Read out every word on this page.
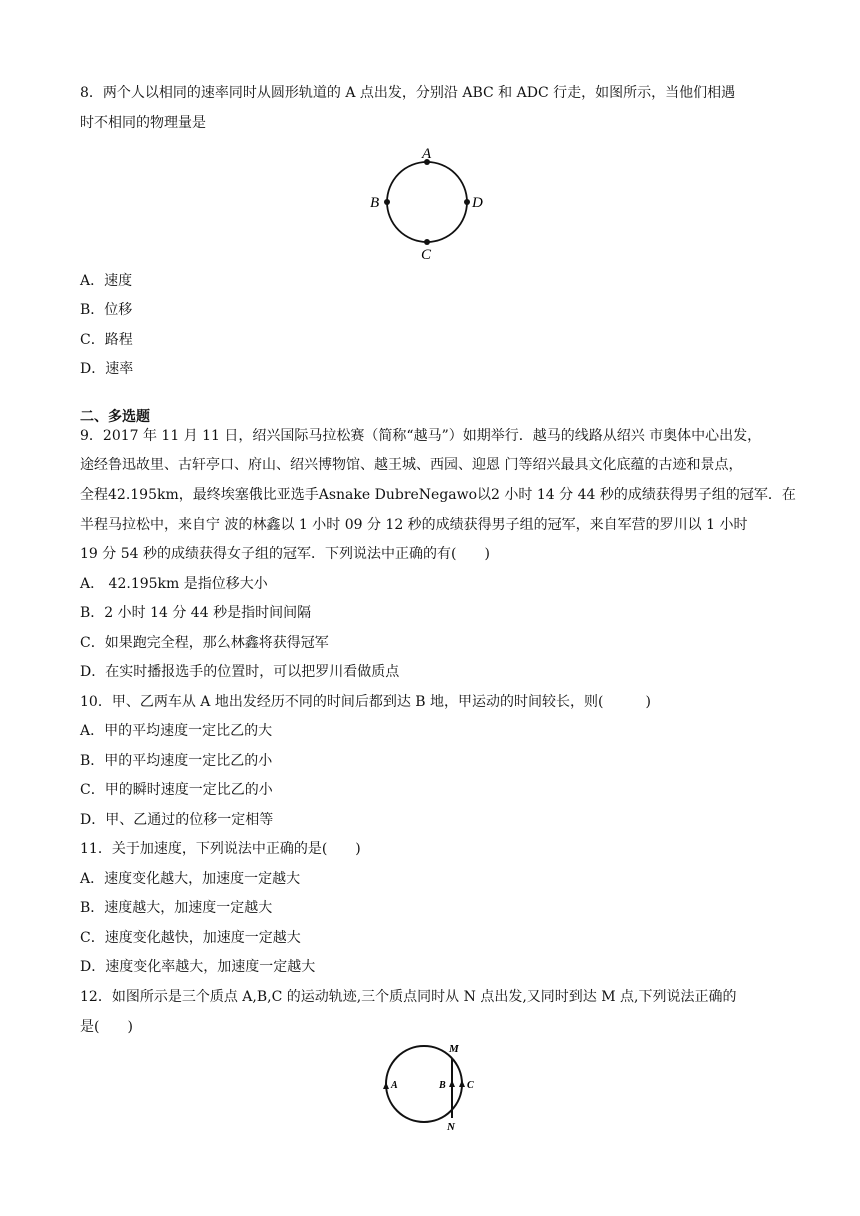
8．两个人以相同的速率同时从圆形轨道的 A 点出发，分别沿 ABC 和 ADC 行走，如图所示，当他们相遇
时不相同的物理量是
A
B	D
C
A．速度
B．位移
C．路程
D．速率
二、多选题
9．2017 年 11 月 11 日，绍兴国际马拉松赛（简称“越马”）如期举行．越马的线路从绍兴 市奥体中心出发，
途经鲁迅故里、古轩亭口、府山、绍兴博物馆、越王城、西园、迎恩 门等绍兴最具文化底蕴的古迹和景点，
全程42.195km，最终埃塞俄比亚选手Asnake DubreNegawo以2 小时 14 分 44 秒的成绩获得男子组的冠军．在
半程马拉松中，来自宁 波的林鑫以 1 小时 09 分 12 秒的成绩获得男子组的冠军，来自军营的罗川以 1 小时
19 分 54 秒的成绩获得女子组的冠军．下列说法中正确的有(　　)
A． 42.195km 是指位移大小
B．2 小时 14 分 44 秒是指时间间隔
C．如果跑完全程，那么林鑫将获得冠军
D．在实时播报选手的位置时，可以把罗川看做质点
10．甲、乙两车从 A 地出发经历不同的时间后都到达 B 地，甲运动的时间较长，则(　　　)
A．甲的平均速度一定比乙的大
B．甲的平均速度一定比乙的小
C．甲的瞬时速度一定比乙的小
D．甲、乙通过的位移一定相等
11．关于加速度，下列说法中正确的是(　　)
A．速度变化越大，加速度一定越大
B．速度越大，加速度一定越大
C．速度变化越快，加速度一定越大
D．速度变化率越大，加速度一定越大
12．如图所示是三个质点 A,B,C 的运动轨迹,三个质点同时从 N 点出发,又同时到达 M 点,下列说法正确的
是(　　)
M
N
A	B C
